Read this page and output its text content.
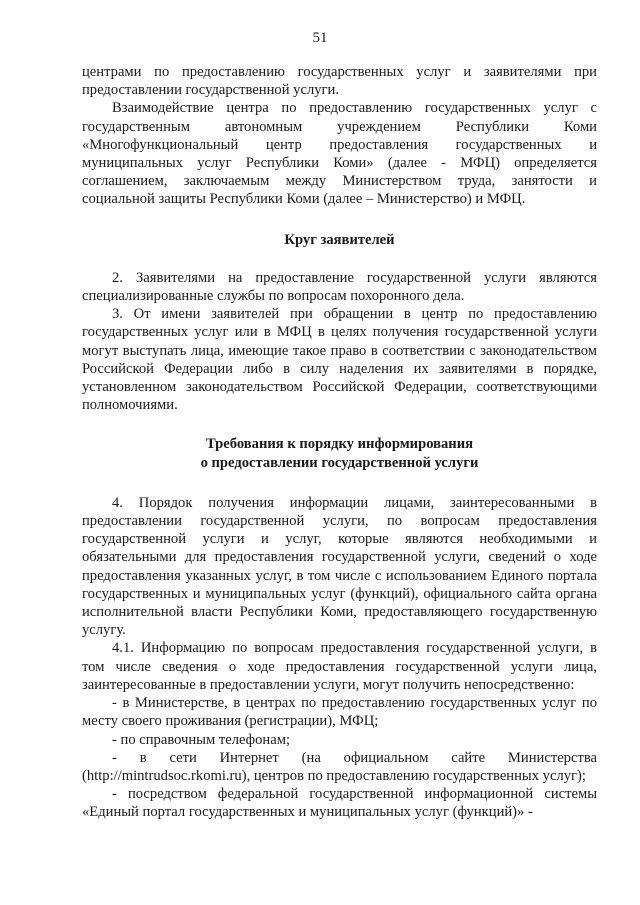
51

центрами по предоставлению государственных услуг и заявителями при предоставлении государственной услуги.

Взаимодействие центра по предоставлению государственных услуг с государственным автономным учреждением Республики Коми «Многофункциональный центр предоставления государственных и муниципальных услуг Республики Коми» (далее - МФЦ) определяется соглашением, заключаемым между Министерством труда, занятости и социальной защиты Республики Коми (далее – Министерство) и МФЦ.

Круг заявителей

2. Заявителями на предоставление государственной услуги являются специализированные службы по вопросам похоронного дела.

3. От имени заявителей при обращении в центр по предоставлению государственных услуг или в МФЦ в целях получения государственной услуги могут выступать лица, имеющие такое право в соответствии с законодательством Российской Федерации либо в силу наделения их заявителями в порядке, установленном законодательством Российской Федерации, соответствующими полномочиями.

Требования к порядку информирования
о предоставлении государственной услуги

4. Порядок получения информации лицами, заинтересованными в предоставлении государственной услуги, по вопросам предоставления государственной услуги и услуг, которые являются необходимыми и обязательными для предоставления государственной услуги, сведений о ходе предоставления указанных услуг, в том числе с использованием Единого портала государственных и муниципальных услуг (функций), официального сайта органа исполнительной власти Республики Коми, предоставляющего государственную услугу.

4.1. Информацию по вопросам предоставления государственной услуги, в том числе сведения о ходе предоставления государственной услуги лица, заинтересованные в предоставлении услуги, могут получить непосредственно:

- в Министерстве, в центрах по предоставлению государственных услуг по месту своего проживания (регистрации), МФЦ;

- по справочным телефонам;

- в сети Интернет (на официальном сайте Министерства (http://mintrudsoc.rkomi.ru), центров по предоставлению государственных услуг);

- посредством федеральной государственной информационной системы «Единый портал государственных и муниципальных услуг (функций)» -
